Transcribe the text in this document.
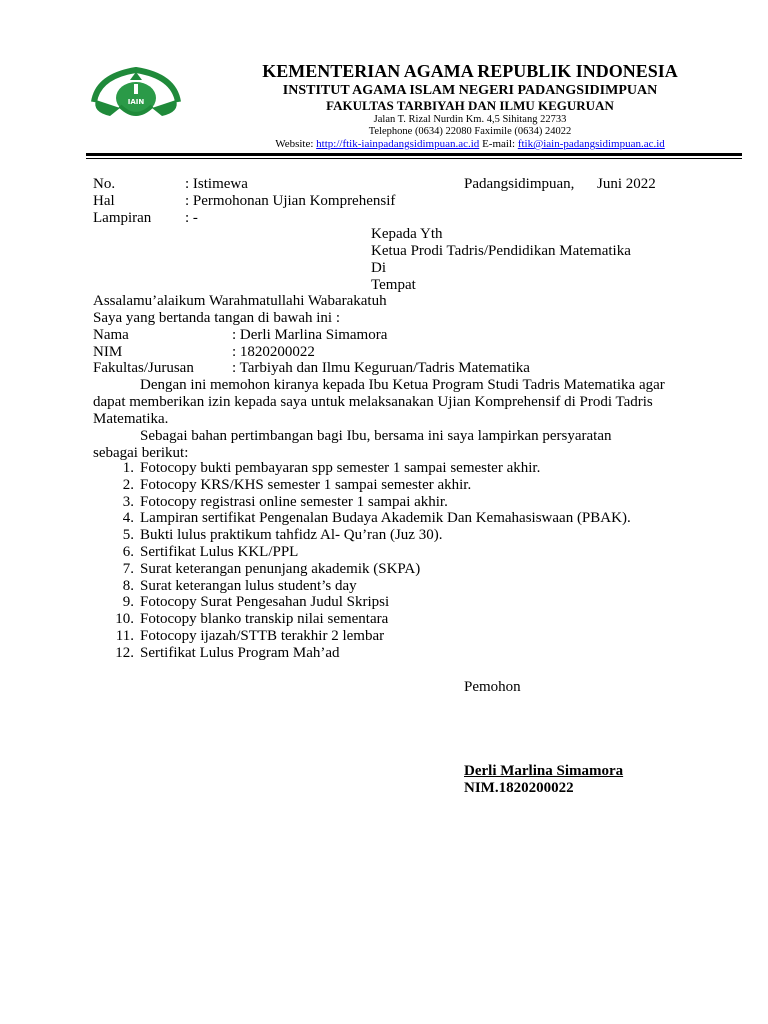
IAIN
KEMENTERIAN AGAMA REPUBLIK INDONESIA
INSTITUT AGAMA ISLAM NEGERI PADANGSIDIMPUAN
FAKULTAS TARBIYAH DAN ILMU KEGURUAN
Jalan T. Rizal Nurdin Km. 4,5 Sihitang 22733
Telephone (0634) 22080 Faximile (0634) 24022
Website: http://ftik-iainpadangsidimpuan.ac.id E-mail: ftik@iain-padangsidimpuan.ac.id
No.	: Istimewa	Padangsidimpuan, Juni 2022
Hal	: Permohonan Ujian Komprehensif
Lampiran : -
Kepada Yth
Ketua Prodi Tadris/Pendidikan Matematika
Di
Tempat
Assalamu’alaikum Warahmatullahi Wabarakatuh
Saya yang bertanda tangan di bawah ini :
Nama	: Derli Marlina Simamora
NIM	: 1820200022
Fakultas/Jurusan	: Tarbiyah dan Ilmu Keguruan/Tadris Matematika
Dengan ini memohon kiranya kepada Ibu Ketua Program Studi Tadris Matematika agar dapat memberikan izin kepada saya untuk melaksanakan Ujian Komprehensif di Prodi Tadris Matematika.
Sebagai bahan pertimbangan bagi Ibu, bersama ini saya lampirkan persyaratan sebagai berikut:
1. Fotocopy bukti pembayaran spp semester 1 sampai semester akhir.
2. Fotocopy KRS/KHS semester 1 sampai semester akhir.
3. Fotocopy registrasi online semester 1 sampai akhir.
4. Lampiran sertifikat Pengenalan Budaya Akademik Dan Kemahasiswaan (PBAK).
5. Bukti lulus praktikum tahfidz Al- Qu’ran (Juz 30).
6. Sertifikat Lulus KKL/PPL
7. Surat keterangan penunjang akademik (SKPA)
8. Surat keterangan lulus student’s day
9. Fotocopy Surat Pengesahan Judul Skripsi
10. Fotocopy blanko transkip nilai sementara
11. Fotocopy ijazah/STTB terakhir 2 lembar
12. Sertifikat Lulus Program Mah’ad
Pemohon
Derli Marlina Simamora
NIM.1820200022
